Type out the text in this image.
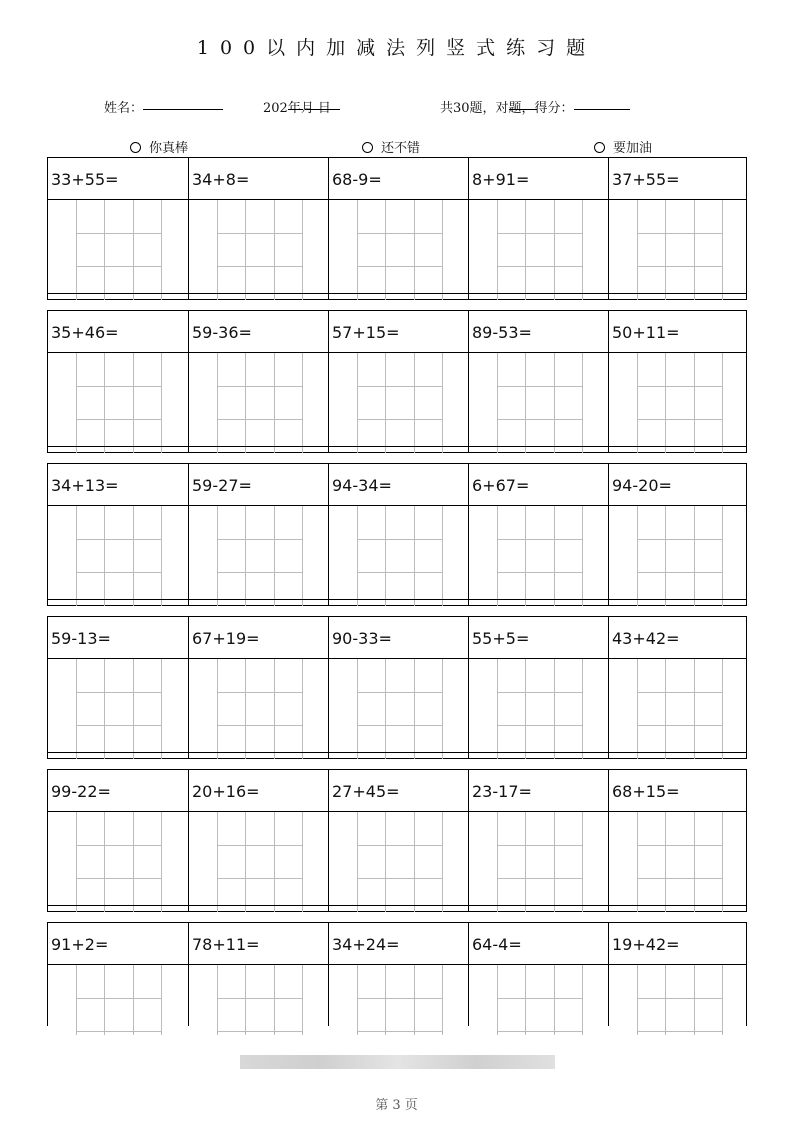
100以内加减法列竖式练习题
姓名：	202
年
月 日	共30题，对
题，得分：
你真棒	还不错	要加油
33+55=	34+8=	68-9=	8+91=	37+55=
35+46=	59-36=	57+15=	89-53=	50+11=
34+13=	59-27=	94-34=	6+67=	94-20=
59-13=	67+19=	90-33=	55+5=	43+42=
99-22=	20+16=	27+45=	23-17=	68+15=
91+2=	78+11=	34+24=	64-4=	19+42=
第 3 页
